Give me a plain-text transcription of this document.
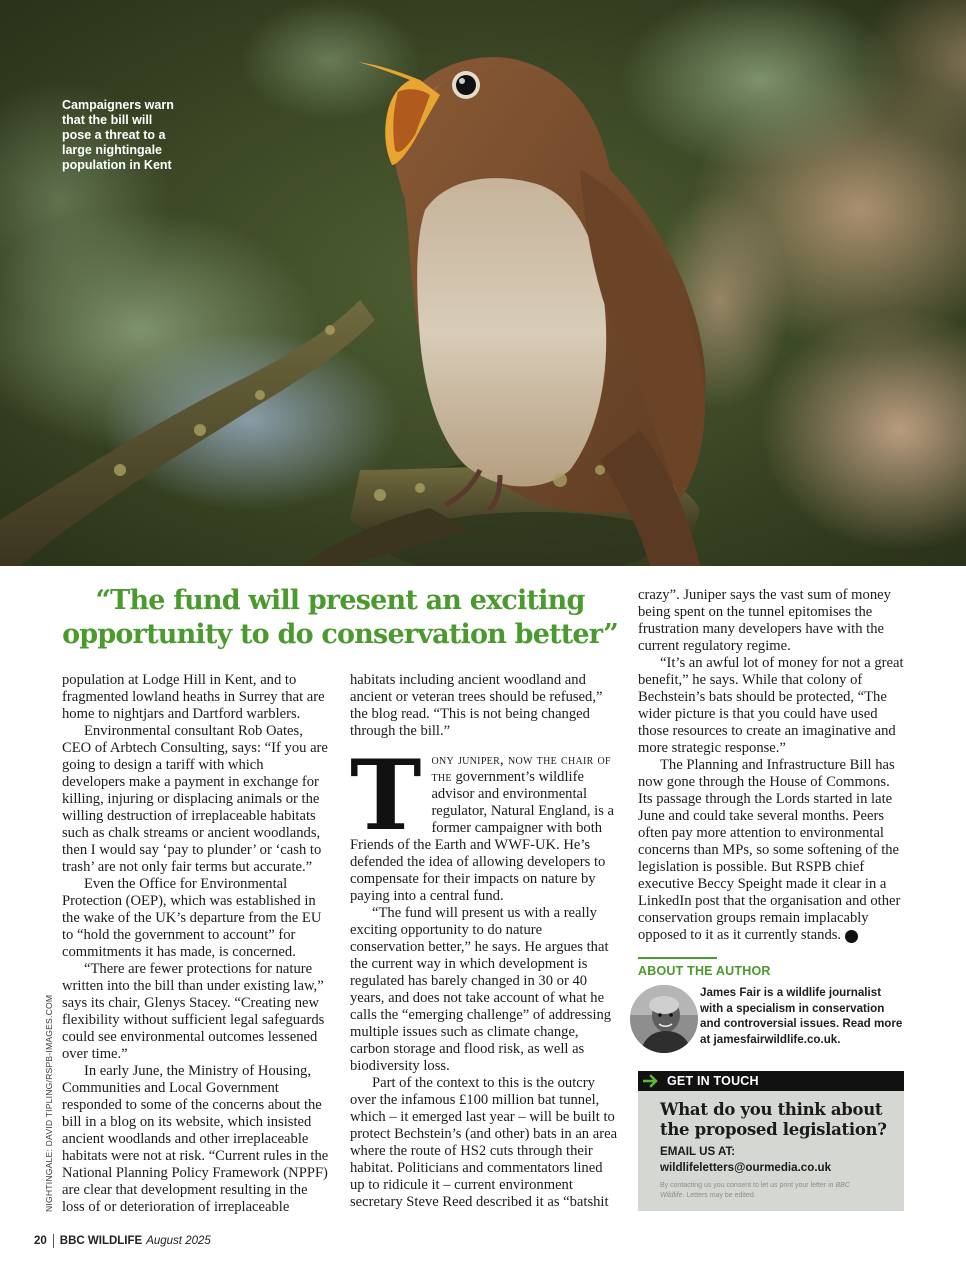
Campaigners warn that the bill will pose a threat to a large nightingale population in Kent
“The fund will present an exciting opportunity to do conservation better”

population at Lodge Hill in Kent, and to fragmented lowland heaths in Surrey that are home to nightjars and Dartford warblers.

Environmental consultant Rob Oates, CEO of Arbtech Consulting, says: “If you are going to design a tariff with which developers make a payment in exchange for killing, injuring or displacing animals or the willing destruction of irreplaceable habitats such as chalk streams or ancient woodlands, then I would say ‘pay to plunder’ or ‘cash to trash’ are not only fair terms but accurate.”

Even the Office for Environmental Protection (OEP), which was established in the wake of the UK’s departure from the EU to “hold the government to account” for commitments it has made, is concerned.

“There are fewer protections for nature written into the bill than under existing law,” says its chair, Glenys Stacey. “Creating new flexibility without sufficient legal safeguards could see environmental outcomes lessened over time.”

In early June, the Ministry of Housing, Communities and Local Government responded to some of the concerns about the bill in a blog on its website, which insisted ancient woodlands and other irreplaceable habitats were not at risk. “Current rules in the National Planning Policy Framework (NPPF) are clear that development resulting in the loss of or deterioration of irreplaceable

habitats including ancient woodland and ancient or veteran trees should be refused,” the blog read. “This is not being changed through the bill.”

Tony juniper, now the chair of the government’s wildlife advisor and environmental regulator, Natural England, is a former campaigner with both Friends of the Earth and WWF-UK. He’s defended the idea of allowing developers to compensate for their impacts on nature by paying into a central fund.

“The fund will present us with a really exciting opportunity to do nature conservation better,” he says. He argues that the current way in which development is regulated has barely changed in 30 or 40 years, and does not take account of what he calls the “emerging challenge” of addressing multiple issues such as climate change, carbon storage and flood risk, as well as biodiversity loss.

Part of the context to this is the outcry over the infamous £100 million bat tunnel, which – it emerged last year – will be built to protect Bechstein’s (and other) bats in an area where the route of HS2 cuts through their habitat. Politicians and commentators lined up to ridicule it – current environment secretary Steve Reed described it as “batshit

crazy”. Juniper says the vast sum of money being spent on the tunnel epitomises the frustration many developers have with the current regulatory regime.

“It’s an awful lot of money for not a great benefit,” he says. While that colony of Bechstein’s bats should be protected, “The wider picture is that you could have used those resources to create an imaginative and more strategic response.”

The Planning and Infrastructure Bill has now gone through the House of Commons. Its passage through the Lords started in late June and could take several months. Peers often pay more attention to environmental concerns than MPs, so some softening of the legislation is possible. But RSPB chief executive Beccy Speight made it clear in a LinkedIn post that the organisation and other conservation groups remain implacably opposed to it as it currently stands.	W

NIGHTINGALE: DAVID TIPLING/RSPB-IMAGES.COM
ABOUT THE AUTHOR
James Fair is a wildlife journalist with a specialism in conservation and controversial issues. Read more at jamesfairwildlife.co.uk.
GET IN TOUCH
What do you think about the proposed legislation?
EMAIL US AT:
wildlifeletters@ourmedia.co.uk
By contacting us you consent to let us print your letter in BBC Wildlife. Letters may be edited.
20 BBC WILDLIFE August 2025
